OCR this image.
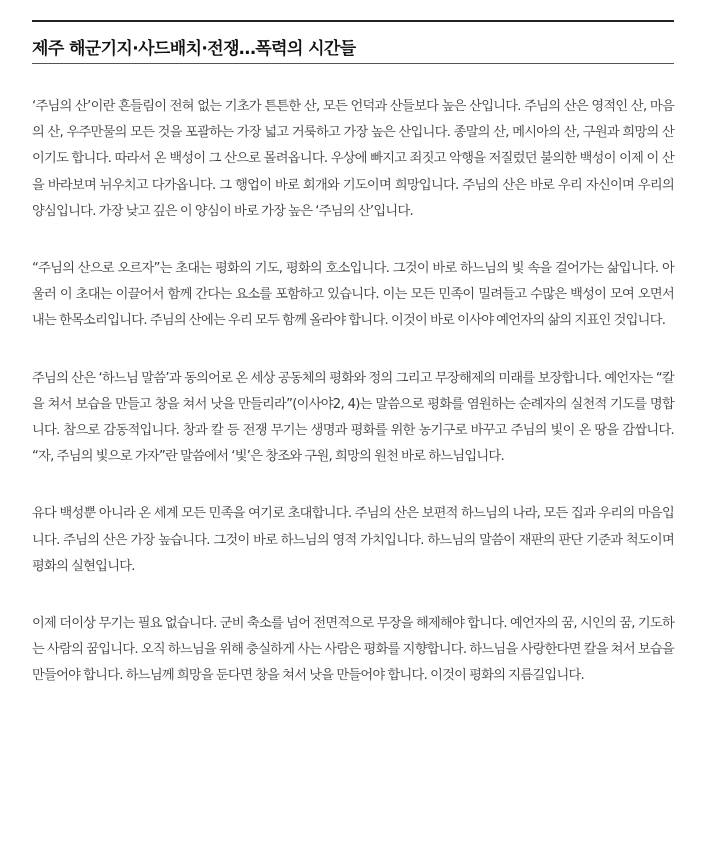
제주 해군기지·사드배치·전쟁…폭력의 시간들

‘주님의 산’이란 흔들림이 전혀 없는 기초가 튼튼한 산, 모든 언덕과 산들보다 높은 산입니다. 주님의 산은 영적인 산, 마음의 산, 우주만물의 모든 것을 포괄하는 가장 넓고 거룩하고 가장 높은 산입니다. 종말의 산, 메시아의 산, 구원과 희망의 산이기도 합니다. 따라서 온 백성이 그 산으로 몰려옵니다. 우상에 빠지고 죄짓고 악행을 저질렀던 불의한 백성이 이제 이 산을 바라보며 뉘우치고 다가옵니다. 그 행업이 바로 회개와 기도이며 희망입니다. 주님의 산은 바로 우리 자신이며 우리의 양심입니다. 가장 낮고 깊은 이 양심이 바로 가장 높은 ‘주님의 산’입니다.

“주님의 산으로 오르자”는 초대는 평화의 기도, 평화의 호소입니다. 그것이 바로 하느님의 빛 속을 걸어가는 삶입니다. 아울러 이 초대는 이끌어서 함께 간다는 요소를 포함하고 있습니다. 이는 모든 민족이 밀려들고 수많은 백성이 모여 오면서 내는 한목소리입니다. 주님의 산에는 우리 모두 함께 올라야 합니다. 이것이 바로 이사야 예언자의 삶의 지표인 것입니다.

주님의 산은 ‘하느님 말씀’과 동의어로 온 세상 공동체의 평화와 정의 그리고 무장해제의 미래를 보장합니다. 예언자는 “칼을 쳐서 보습을 만들고 창을 쳐서 낫을 만들리라”(이사야2, 4)는 말씀으로 평화를 염원하는 순례자의 실천적 기도를 명합니다. 참으로 감동적입니다. 창과 칼 등 전쟁 무기는 생명과 평화를 위한 농기구로 바꾸고 주님의 빛이 온 땅을 감쌉니다. “자, 주님의 빛으로 가자”란 말씀에서 ‘빛’은 창조와 구원, 희망의 원천 바로 하느님입니다.

유다 백성뿐 아니라 온 세계 모든 민족을 여기로 초대합니다. 주님의 산은 보편적 하느님의 나라, 모든 집과 우리의 마음입니다. 주님의 산은 가장 높습니다. 그것이 바로 하느님의 영적 가치입니다. 하느님의 말씀이 재판의 판단 기준과 척도이며 평화의 실현입니다.

이제 더이상 무기는 필요 없습니다. 군비 축소를 넘어 전면적으로 무장을 해제해야 합니다. 예언자의 꿈, 시인의 꿈, 기도하는 사람의 꿈입니다. 오직 하느님을 위해 충실하게 사는 사람은 평화를 지향합니다. 하느님을 사랑한다면 칼을 쳐서 보습을 만들어야 합니다. 하느님께 희망을 둔다면 창을 쳐서 낫을 만들어야 합니다. 이것이 평화의 지름길입니다.
